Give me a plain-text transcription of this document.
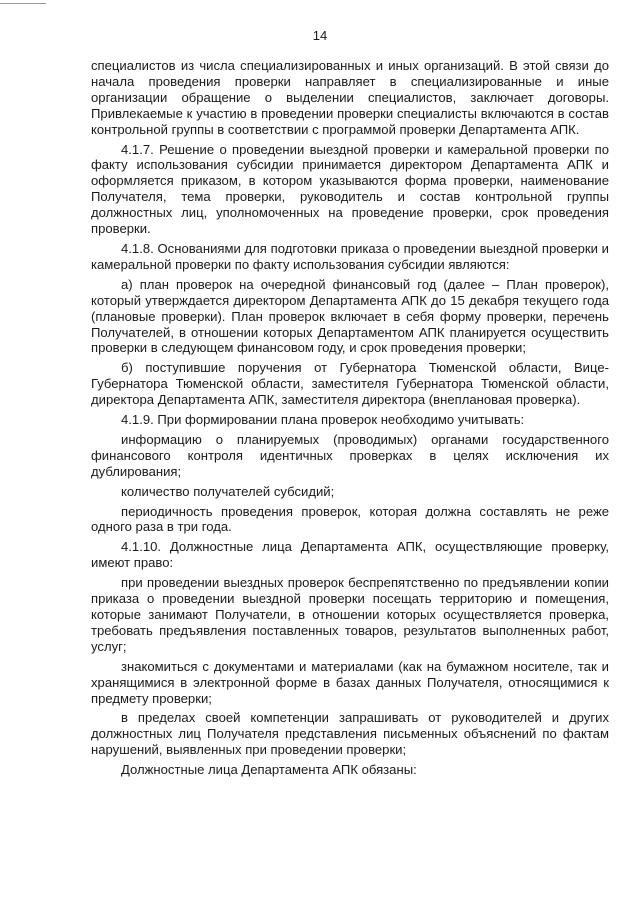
14

специалистов из числа специализированных и иных организаций. В этой связи до начала проведения проверки направляет в специализированные и иные организации обращение о выделении специалистов, заключает договоры. Привлекаемые к участию в проведении проверки специалисты включаются в состав контрольной группы в соответствии с программой проверки Департамента АПК.

4.1.7. Решение о проведении выездной проверки и камеральной проверки по факту использования субсидии принимается директором Департамента АПК и оформляется приказом, в котором указываются форма проверки, наименование Получателя, тема проверки, руководитель и состав контрольной группы должностных лиц, уполномоченных на проведение проверки, срок проведения проверки.

4.1.8. Основаниями для подготовки приказа о проведении выездной проверки и камеральной проверки по факту использования субсидии являются:

а) план проверок на очередной финансовый год (далее – План проверок), который утверждается директором Департамента АПК до 15 декабря текущего года (плановые проверки). План проверок включает в себя форму проверки, перечень Получателей, в отношении которых Департаментом АПК планируется осуществить проверки в следующем финансовом году, и срок проведения проверки;

б) поступившие поручения от Губернатора Тюменской области, Вице-Губернатора Тюменской области, заместителя Губернатора Тюменской области, директора Департамента АПК, заместителя директора (внеплановая проверка).

4.1.9. При формировании плана проверок необходимо учитывать:

информацию о планируемых (проводимых) органами государственного финансового контроля идентичных проверках в целях исключения их дублирования;

количество получателей субсидий;

периодичность проведения проверок, которая должна составлять не реже одного раза в три года.

4.1.10. Должностные лица Департамента АПК, осуществляющие проверку, имеют право:

при проведении выездных проверок беспрепятственно по предъявлении копии приказа о проведении выездной проверки посещать территорию и помещения, которые занимают Получатели, в отношении которых осуществляется проверка, требовать предъявления поставленных товаров, результатов выполненных работ, услуг;

знакомиться с документами и материалами (как на бумажном носителе, так и хранящимися в электронной форме в базах данных Получателя, относящимися к предмету проверки;

в пределах своей компетенции запрашивать от руководителей и других должностных лиц Получателя представления письменных объяснений по фактам нарушений, выявленных при проведении проверки;

Должностные лица Департамента АПК обязаны:
